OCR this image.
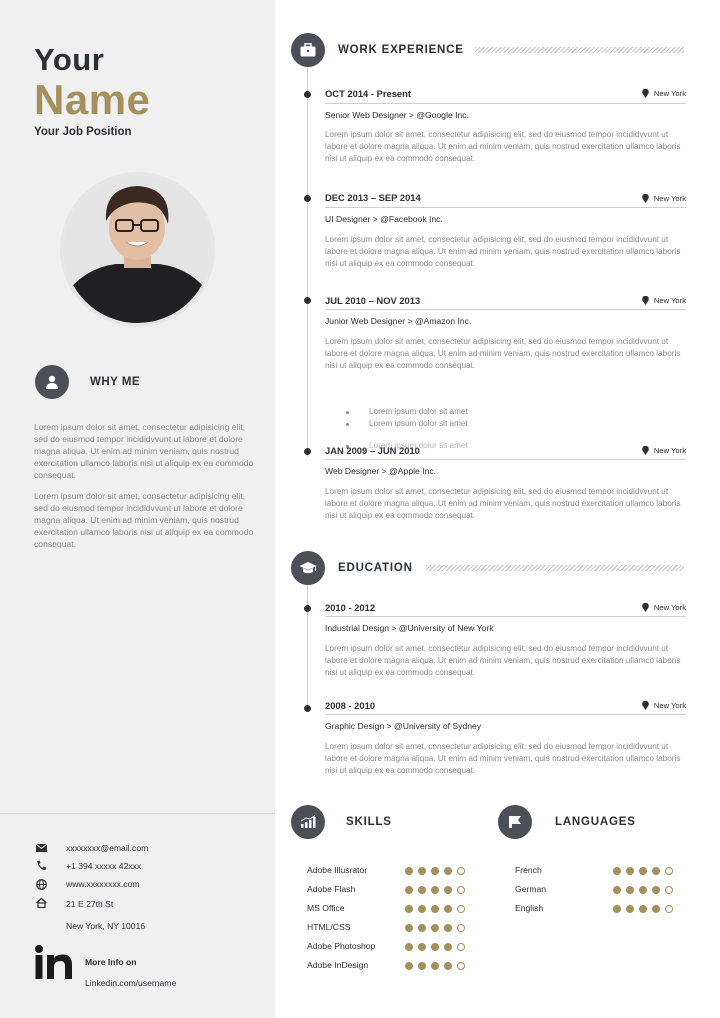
Your
Name
Your Job Position
WHY ME
Lorem ipsum dolor sit amet, consectetur adipisicing elit, sed do eiusmod tempor incididvvunt ut labore et dolore magna aliqua. Ut enim ad minim veniam, quis nostrud exercitation ullamco laboris nisi ut aliquip ex ea commodo consequat.
Lorem ipsum dolor sit amet, consectetur adipisicing elit, sed do eiusmod tempor incididvvunt ut labore et dolore magna aliqua. Ut enim ad minim veniam, quis nostrud exercitation ullamco laboris nisi ut aliquip ex ea commodo consequat.
xxxxxxxx@email.com
+1 394 xxxxx 42xxx
www.xxxxxxxx.com
21 E 27th St
New York, NY 10016
More Info on
Linkedin.com/username
WORK EXPERIENCE
OCT 2014 - Present	New York
Senior Web Designer > @Google Inc.
Lorem ipsum dolor sit amet, consectetur adipisicing elit, sed do eiusmod tempor incididvvunt ut labore et dolore magna aliqua. Ut enim ad minim veniam, quis nostrud exercitation ullamco laboris nisi ut aliquip ex ea commodo consequat.
DEC 2013 – SEP 2014	New York
UI Designer > @Facebook Inc.
Lorem ipsum dolor sit amet, consectetur adipisicing elit, sed do eiusmod tempor incididvvunt ut labore et dolore magna aliqua. Ut enim ad minim veniam, quis nostrud exercitation ullamco laboris nisi ut aliquip ex ea commodo consequat.
JUL 2010 – NOV 2013	New York
Junior Web Designer > @Amazon Inc.
Lorem ipsum dolor sit amet, consectetur adipisicing elit, sed do eiusmod tempor incididvvunt ut labore et dolore magna aliqua. Ut enim ad minim veniam, quis nostrud exercitation ullamco laboris nisi ut aliquip ex ea commodo consequat.
Lorem ipsum dolor sit amet
Lorem ipsum dolor sit amet
Lorem ipsum dolor sit amet
JAN 2009 – JUN 2010	New York
Web Designer > @Apple Inc.
Lorem ipsum dolor sit amet, consectetur adipisicing elit, sed do eiusmod tempor incididvvunt ut labore et dolore magna aliqua. Ut enim ad minim veniam, quis nostrud exercitation ullamco laboris nisi ut aliquip ex ea commodo consequat.
EDUCATION
2010 - 2012	New York
Industrial Design > @University of New York
Lorem ipsum dolor sit amet, consectetur adipisicing elit, sed do eiusmod tempor incididvvunt ut labore et dolore magna aliqua. Ut enim ad minim veniam, quis nostrud exercitation ullamco laboris nisi ut aliquip ex ea commodo consequat.
2008 - 2010	New York
Graphic Design > @University of Sydney
Lorem ipsum dolor sit amet, consectetur adipisicing elit, sed do eiusmod tempor incididvvunt ut labore et dolore magna aliqua. Ut enim ad minim veniam, quis nostrud exercitation ullamco laboris nisi ut aliquip ex ea commodo consequat.
SKILLS
Adobe Illusrator
Adobe Flash
MS Office
HTML/CSS
Adobe Photoshop
Adobe InDesign
LANGUAGES
French
German
English
